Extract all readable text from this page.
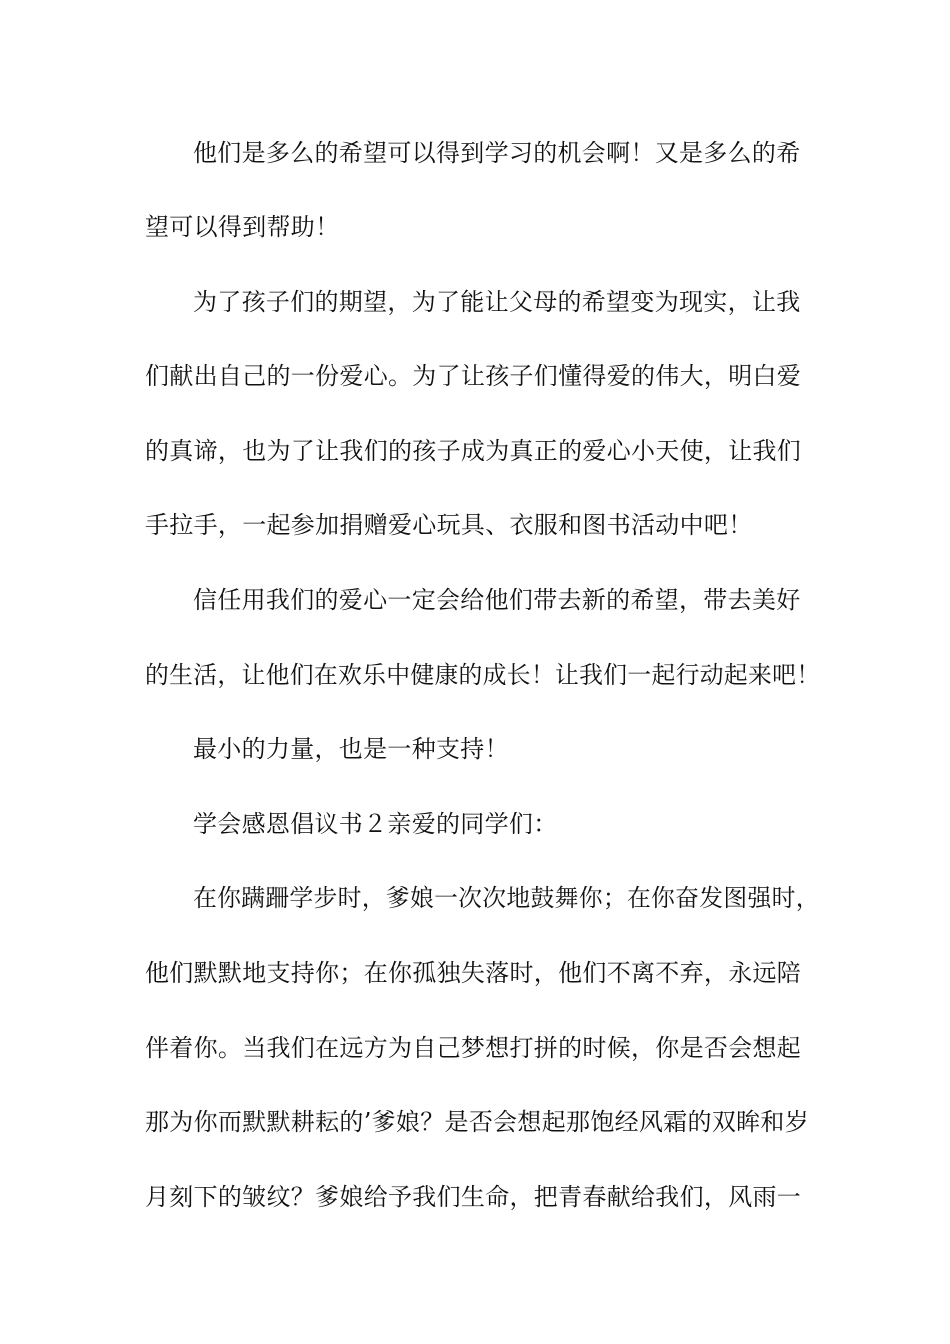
他们是多么的希望可以得到学习的机会啊！又是多么的希
望可以得到帮助！
为了孩子们的期望，为了能让父母的希望变为现实，让我
们献出自己的一份爱心。为了让孩子们懂得爱的伟大，明白爱
的真谛，也为了让我们的孩子成为真正的爱心小天使，让我们
手拉手，一起参加捐赠爱心玩具、衣服和图书活动中吧！
信任用我们的爱心一定会给他们带去新的希望，带去美好
的生活，让他们在欢乐中健康的成长！让我们一起行动起来吧！
最小的力量，也是一种支持！
学会感恩倡议书２亲爱的同学们：
在你蹒跚学步时，爹娘一次次地鼓舞你；在你奋发图强时，
他们默默地支持你；在你孤独失落时，他们不离不弃，永远陪
伴着你。当我们在远方为自己梦想打拼的时候，你是否会想起
那为你而默默耕耘的’爹娘？是否会想起那饱经风霜的双眸和岁
月刻下的皱纹？爹娘给予我们生命，把青春献给我们，风雨一
